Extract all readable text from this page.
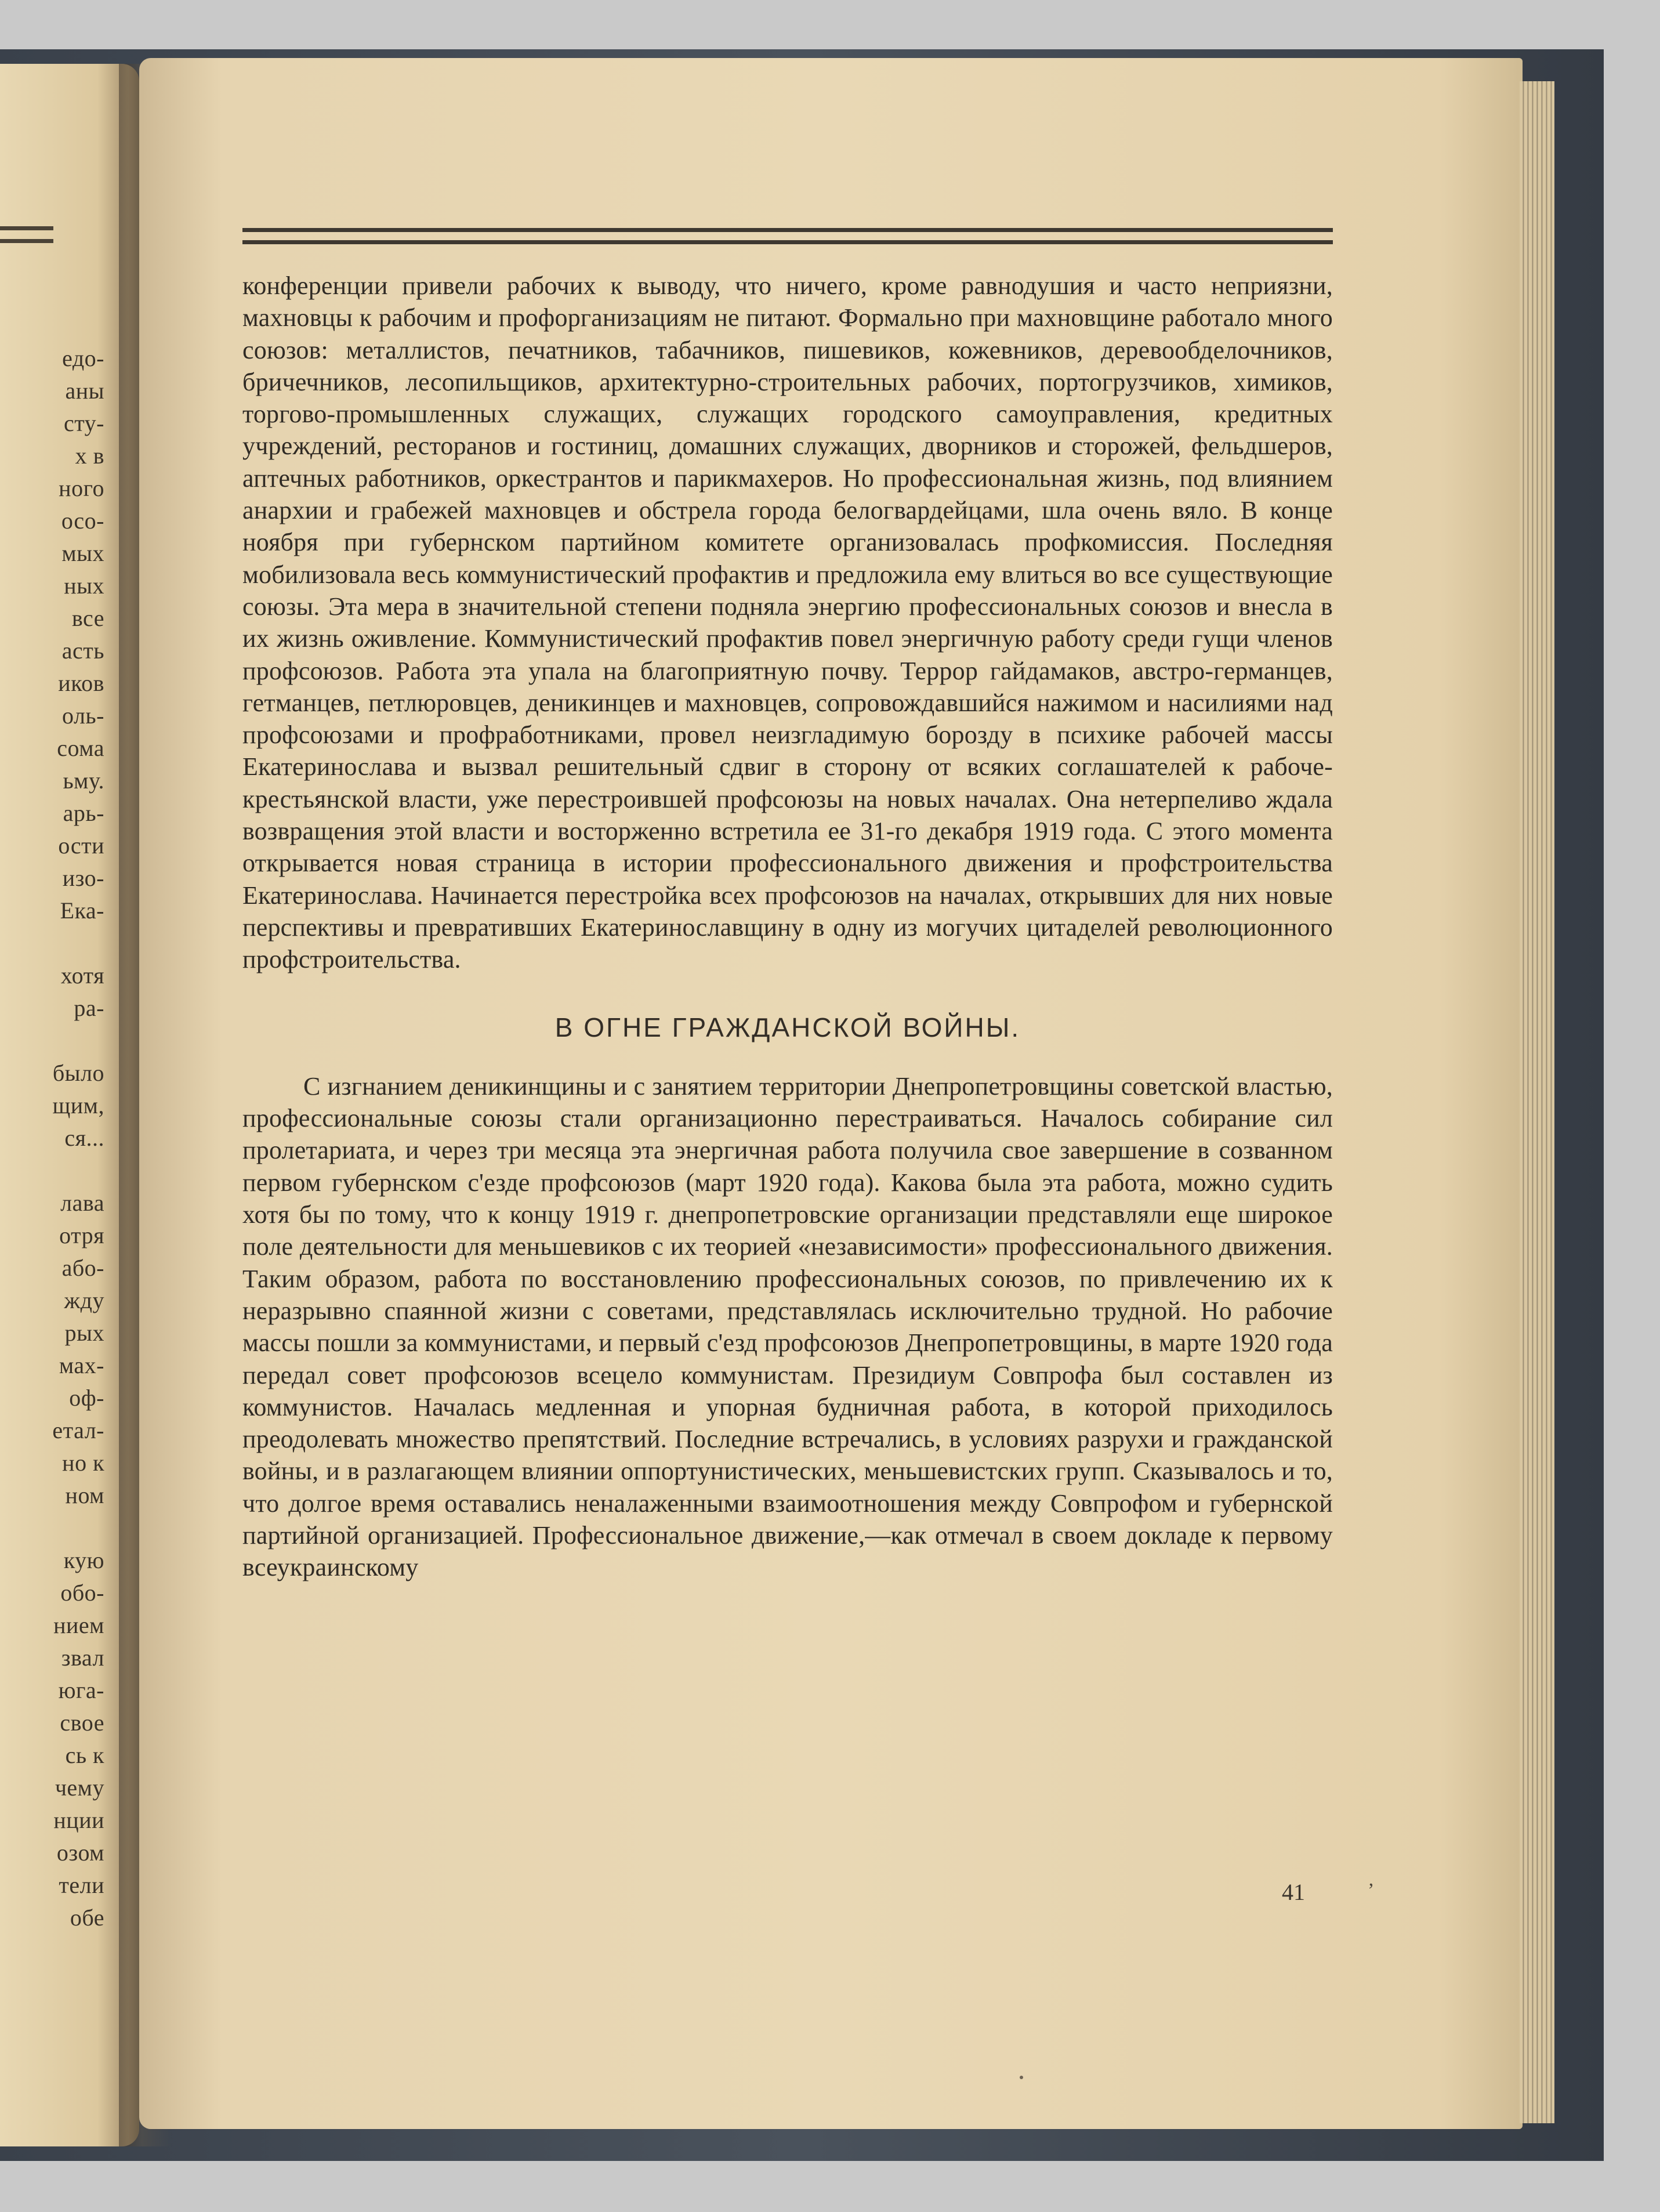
едо-
аны
сту-
х в
ного
осо-
мых
ных
все
асть
иков
оль-
сома
ьму.
арь-
ости
изо-
Ека-
хотя
ра-
было
щим,
ся...
лава
отря
або-
жду
рых
мах-
оф-
етал-
но к
ном
кую
обо-
нием
звал
юга-
свое
сь к
чему
нции
озом
тели
обе

конференции привели рабочих к выводу, что ничего, кроме равнодушия и часто неприязни, махновцы к рабочим и профорганизациям не питают. Формально при махновщине работало много союзов: металлистов, печатников, табачников, пишевиков, кожевников, деревообделочников, бричечников, лесопильщиков, архитектурно-строительных рабочих, портогрузчиков, химиков, торгово-промышленных служащих, служащих городского самоуправления, кредитных учреждений, ресторанов и гостиниц, домашних служащих, дворников и сторожей, фельдшеров, аптечных работников, оркестрантов и парикмахеров. Но профессиональная жизнь, под влиянием анархии и грабежей махновцев и обстрела города белогвардейцами, шла очень вяло. В конце ноября при губернском партийном комитете организовалась профкомиссия. Последняя мобилизовала весь коммунистический профактив и предложила ему влиться во все существующие союзы. Эта мера в значительной степени подняла энергию профессиональных союзов и внесла в их жизнь оживление. Коммунистический профактив повел энергичную работу среди гущи членов профсоюзов. Работа эта упала на благоприятную почву. Террор гайдамаков, австро-германцев, гетманцев, петлюровцев, деникинцев и махновцев, сопровождавшийся нажимом и насилиями над профсоюзами и профработниками, провел неизгладимую борозду в психике рабочей массы Екатеринослава и вызвал решительный сдвиг в сторону от всяких соглашателей к рабоче-крестьянской власти, уже перестроившей профсоюзы на новых началах. Она нетерпеливо ждала возвращения этой власти и восторженно встретила ее 31-го декабря 1919 года. С этого момента открывается новая страница в истории профессионального движения и профстроительства Екатеринослава. Начинается перестройка всех профсоюзов на началах, открывших для них новые перспективы и превративших Екатеринославщину в одну из могучих цитаделей революционного профстроительства.

В ОГНЕ ГРАЖДАНСКОЙ ВОЙНЫ.

С изгнанием деникинщины и с занятием территории Днепропетровщины советской властью, профессиональные союзы стали организационно перестраиваться. Началось собирание сил пролетариата, и через три месяца эта энергичная работа получила свое завершение в созванном первом губернском с'езде профсоюзов (март 1920 года). Какова была эта работа, можно судить хотя бы по тому, что к концу 1919 г. днепропетровские организации представляли еще широкое поле деятельности для меньшевиков с их теорией «независимости» профессионального движения. Таким образом, работа по восстановлению профессиональных союзов, по привлечению их к неразрывно спаянной жизни с советами, представлялась исключительно трудной. Но рабочие массы пошли за коммунистами, и первый с'езд профсоюзов Днепропетровщины, в марте 1920 года передал совет профсоюзов всецело коммунистам. Президиум Совпрофа был составлен из коммунистов. Началась медленная и упорная будничная работа, в которой приходилось преодолевать множество препятствий. Последние встречались, в условиях разрухи и гражданской войны, и в разлагающем влиянии оппортунистических, меньшевистских групп. Сказывалось и то, что долгое время оставались неналаженными взаимоотношения между Совпрофом и губернской партийной организацией. Профессиональное движение,—как отмечал в своем докладе к первому всеукраинскому

41	’
